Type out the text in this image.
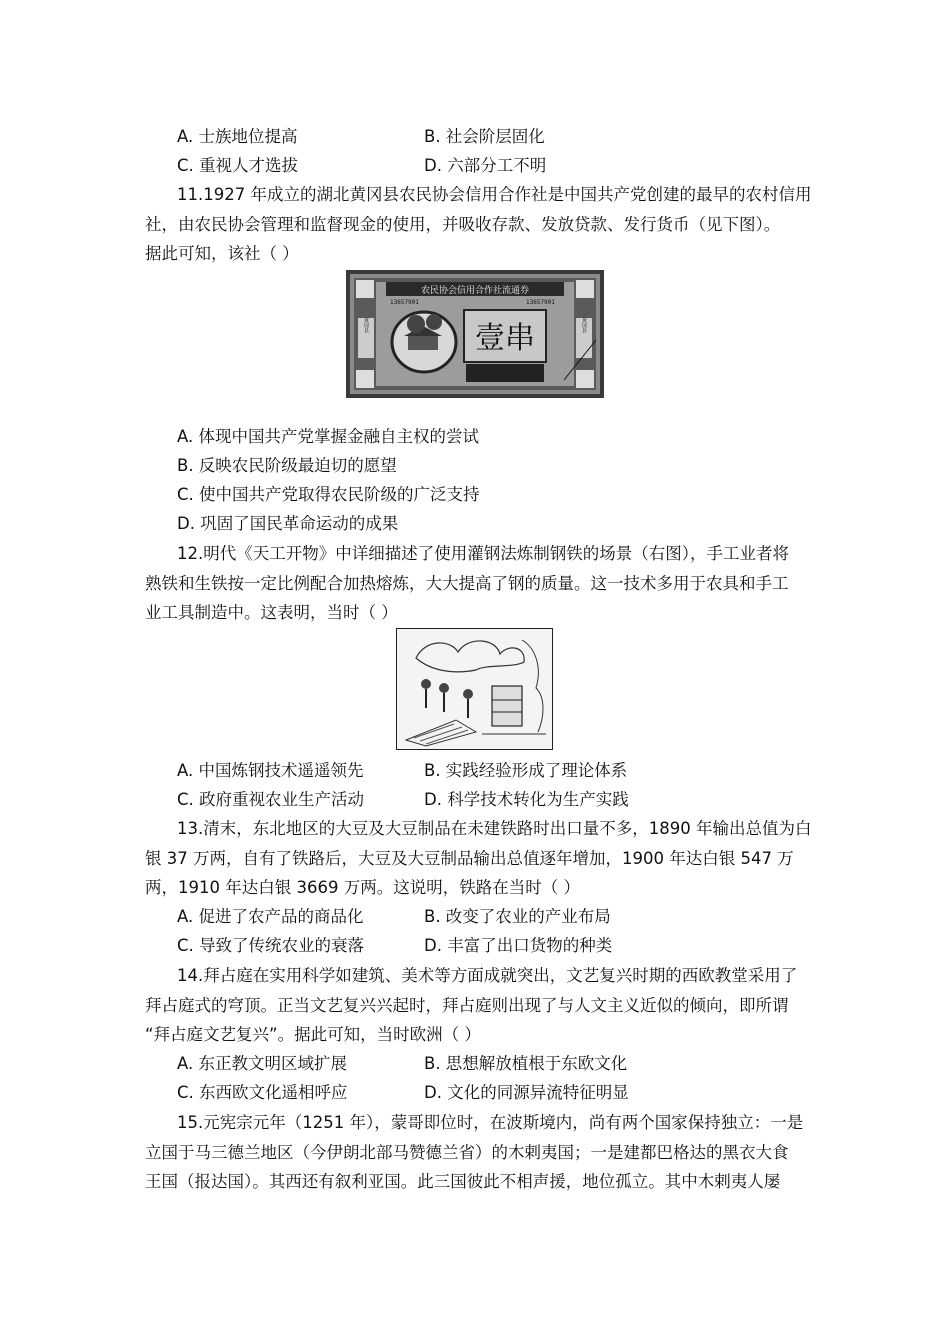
A. 士族地位提高	B. 社会阶层固化
C. 重视人才选拔	D. 六部分工不明
11.1927 年成立的湖北黄冈县农民协会信用合作社是中国共产党创建的最早的农村信用
社，由农民协会管理和监督现金的使用，并吸收存款、发放贷款、发行货币（见下图）。
据此可知，该社（ ）
农民协会信用合作社流通券
13657901	13657901
壹串
黄冈县	黄冈县
A. 体现中国共产党掌握金融自主权的尝试
B. 反映农民阶级最迫切的愿望
C. 使中国共产党取得农民阶级的广泛支持
D. 巩固了国民革命运动的成果
12.明代《天工开物》中详细描述了使用灌钢法炼制钢铁的场景（右图），手工业者将
熟铁和生铁按一定比例配合加热熔炼，大大提高了钢的质量。这一技术多用于农具和手工
业工具制造中。这表明，当时（ ）
A. 中国炼钢技术遥遥领先	B. 实践经验形成了理论体系
C. 政府重视农业生产活动	D. 科学技术转化为生产实践
13.清末，东北地区的大豆及大豆制品在未建铁路时出口量不多，1890 年输出总值为白
银 37 万两，自有了铁路后，大豆及大豆制品输出总值逐年增加，1900 年达白银 547 万
两，1910 年达白银 3669 万两。这说明，铁路在当时（ ）
A. 促进了农产品的商品化	B. 改变了农业的产业布局
C. 导致了传统农业的衰落	D. 丰富了出口货物的种类
14.拜占庭在实用科学如建筑、美术等方面成就突出，文艺复兴时期的西欧教堂采用了
拜占庭式的穹顶。正当文艺复兴兴起时，拜占庭则出现了与人文主义近似的倾向，即所谓
“拜占庭文艺复兴”。据此可知，当时欧洲（ ）
A. 东正教文明区域扩展	B. 思想解放植根于东欧文化
C. 东西欧文化遥相呼应	D. 文化的同源异流特征明显
15.元宪宗元年（1251 年），蒙哥即位时，在波斯境内，尚有两个国家保持独立：一是
立国于马三德兰地区（今伊朗北部马赞德兰省）的木剌夷国；一是建都巴格达的黑衣大食
王国（报达国）。其西还有叙利亚国。此三国彼此不相声援，地位孤立。其中木剌夷人屡
